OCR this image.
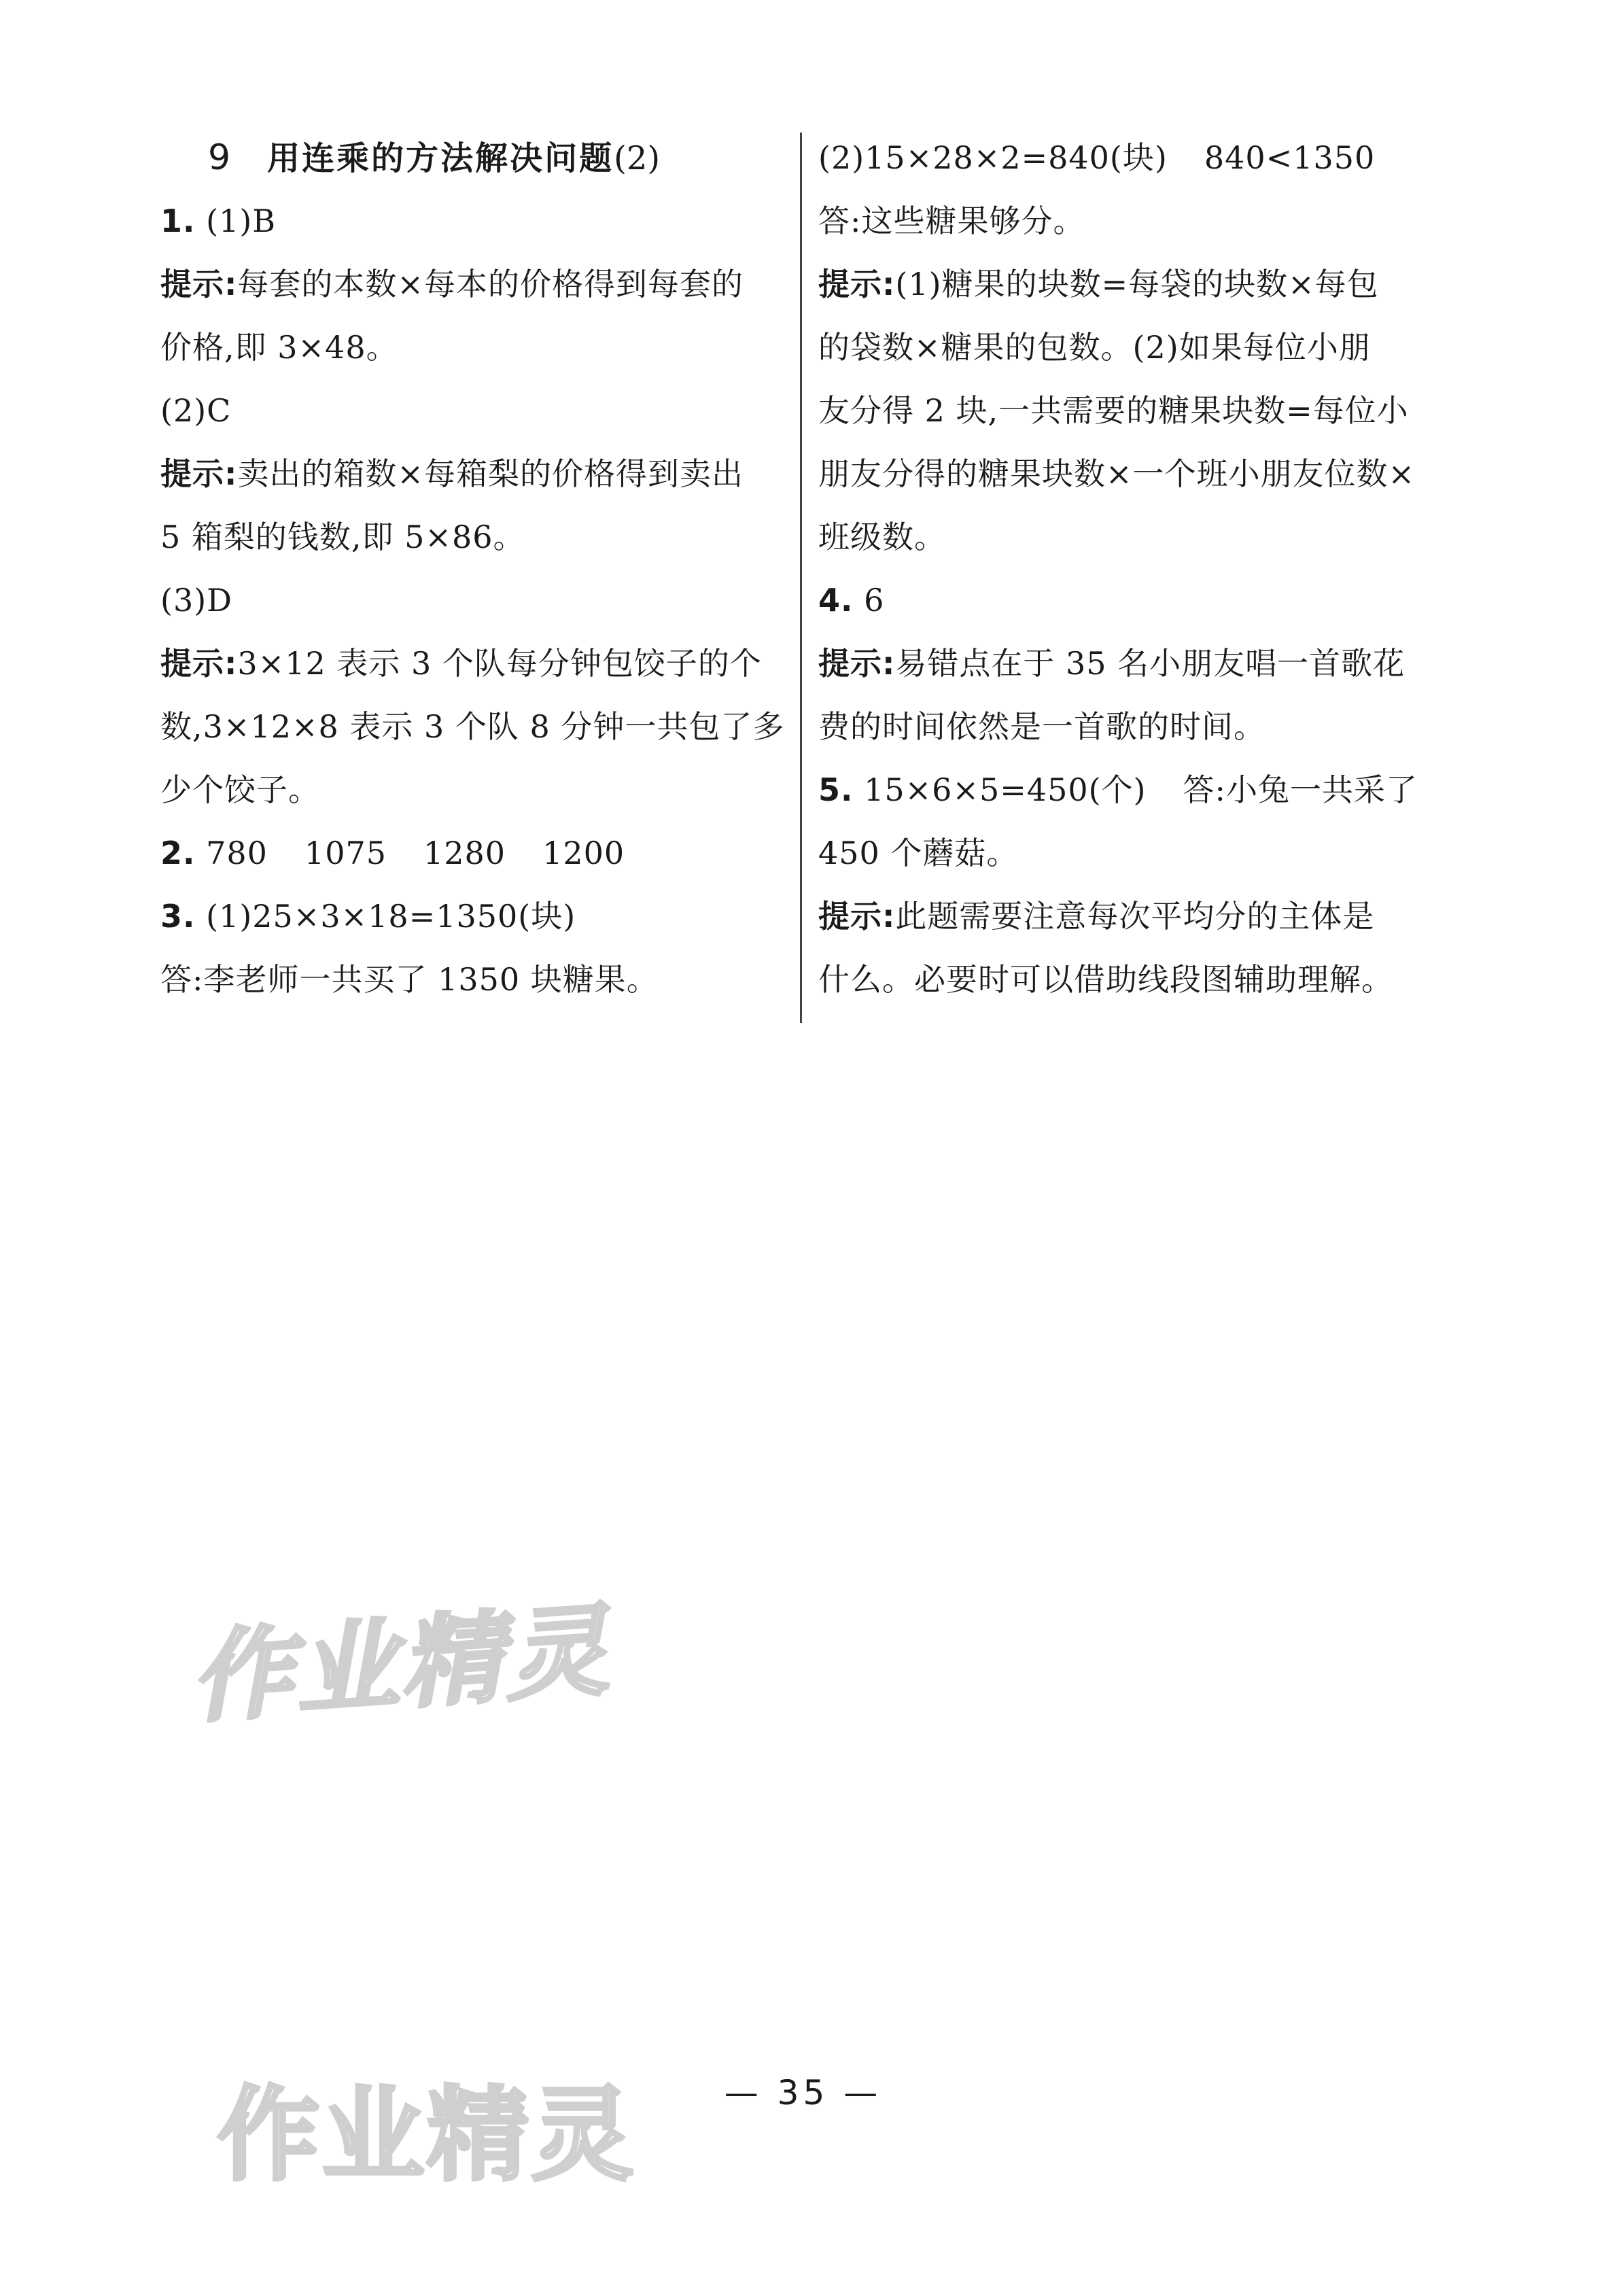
9 用连乘的方法解决问题(2)
1. (1)B
提示:每套的本数×每本的价格得到每套的
价格,即 3×48。
(2)C
提示:卖出的箱数×每箱梨的价格得到卖出
5 箱梨的钱数,即 5×86。
(3)D
提示:3×12 表示 3 个队每分钟包饺子的个
数,3×12×8 表示 3 个队 8 分钟一共包了多
少个饺子。
2. 780 1075 1280 1200
3. (1)25×3×18=1350(块)
答:李老师一共买了 1350 块糖果。
(2)15×28×2=840(块) 840<1350
答:这些糖果够分。
提示:(1)糖果的块数=每袋的块数×每包
的袋数×糖果的包数。(2)如果每位小朋
友分得 2 块,一共需要的糖果块数=每位小
朋友分得的糖果块数×一个班小朋友位数×
班级数。
4. 6
提示:易错点在于 35 名小朋友唱一首歌花
费的时间依然是一首歌的时间。
5. 15×6×5=450(个) 答:小兔一共采了
450 个蘑菇。
提示:此题需要注意每次平均分的主体是
什么。必要时可以借助线段图辅助理解。
作业精灵
作业精灵	— 35 —
